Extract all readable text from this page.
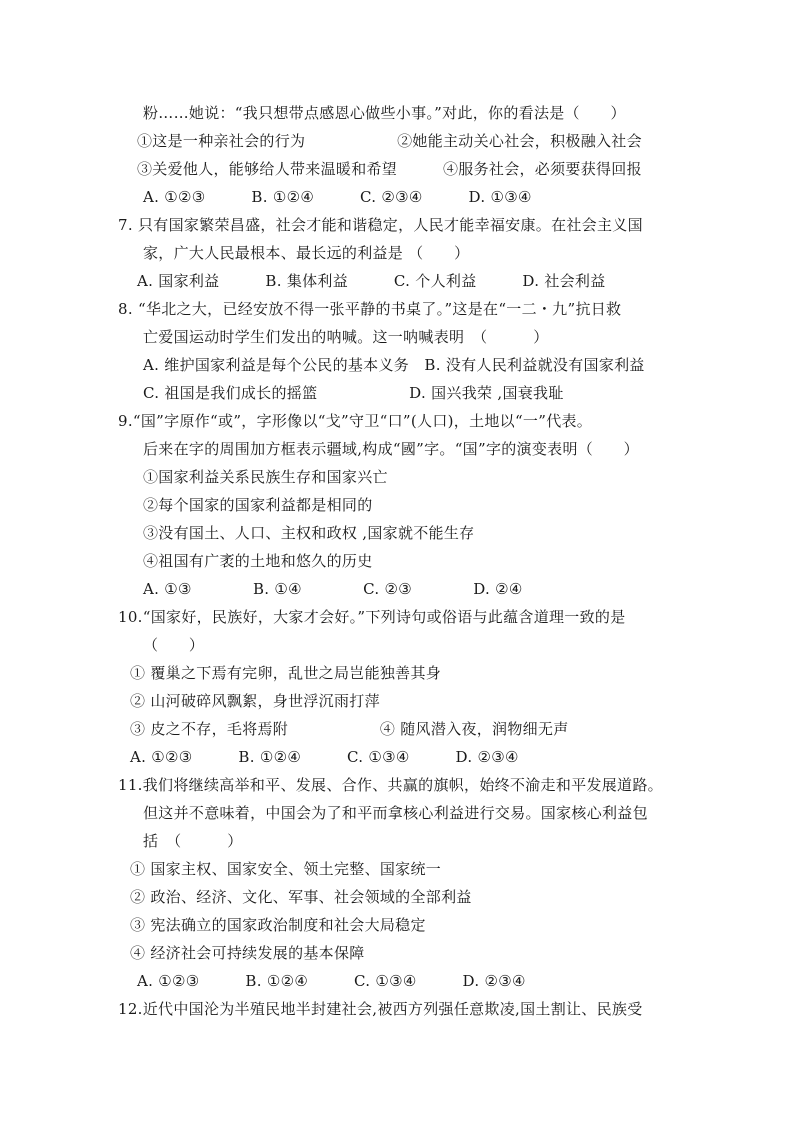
粉……她说：“我只想带点感恩心做些小事。”对此，你的看法是（　　）
①这是一种亲社会的行为　　　　　　②她能主动关心社会，积极融入社会
③关爱他人，能够给人带来温暖和希望　　　④服务社会，必须要获得回报
A. ①②③　　　B. ①②④　　　C. ②③④　　　D. ①③④
7. 只有国家繁荣昌盛，社会才能和谐稳定，人民才能幸福安康。在社会主义国
家，广大人民最根本、最长远的利益是 （　　）
A. 国家利益　　　B. 集体利益　　　C. 个人利益　　　D. 社会利益
8. “华北之大，已经安放不得一张平静的书桌了。”这是在“一二・九”抗日救
亡爱国运动时学生们发出的呐喊。这一呐喊表明　（　　　）
A. 维护国家利益是每个公民的基本义务　B. 没有人民利益就没有国家利益
C. 祖国是我们成长的摇篮　　　　　　D. 国兴我荣 ,国衰我耻
9.“国”字原作“或”，字形像以“戈”守卫“口”(人口)，土地以“一”代表。
后来在字的周围加方框表示疆域,构成“國”字。“国”字的演变表明（　　）
①国家利益关系民族生存和国家兴亡
②每个国家的国家利益都是相同的
③没有国土、人口、主权和政权 ,国家就不能生存
④祖国有广袤的土地和悠久的历史
A. ①③　　　　B. ①④　　　　C. ②③　　　　D. ②④
10.“国家好，民族好，大家才会好。”下列诗句或俗语与此蕴含道理一致的是
（　　）
① 覆巢之下焉有完卵，乱世之局岂能独善其身
② 山河破碎风飘絮，身世浮沉雨打萍
③ 皮之不存，毛将焉附　　　　　　④ 随风潜入夜，润物细无声
A. ①②③　　　B. ①②④　　　C. ①③④　　　D. ②③④
11.我们将继续高举和平、发展、合作、共赢的旗帜，始终不渝走和平发展道路。
但这并不意味着，中国会为了和平而拿核心利益进行交易。国家核心利益包
括　（　　　）
① 国家主权、国家安全、领土完整、国家统一
② 政治、经济、文化、军事、社会领域的全部利益
③ 宪法确立的国家政治制度和社会大局稳定
④ 经济社会可持续发展的基本保障
A. ①②③　　　B. ①②④　　　C. ①③④　　　D. ②③④
12.近代中国沦为半殖民地半封建社会,被西方列强任意欺凌,国土割让、民族受
